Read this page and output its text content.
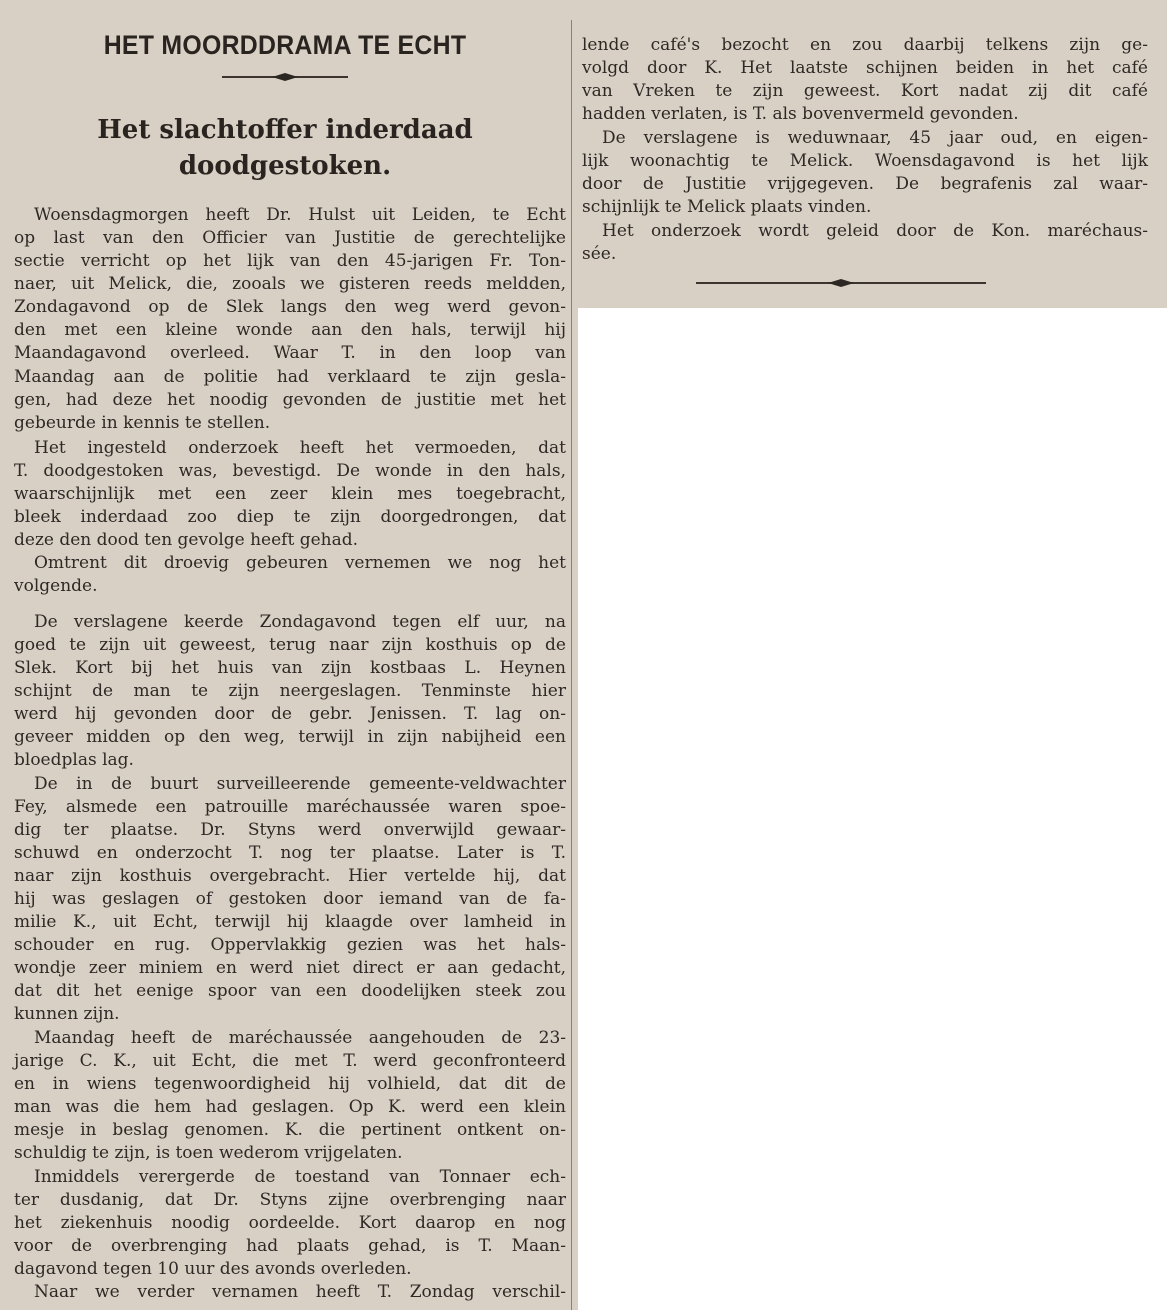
HET MOORDDRAMA TE ECHT
Het slachtoffer inderdaad
doodgestoken.
Woensdagmorgen heeft Dr. Hulst uit Leiden, te Echt
op last van den Officier van Justitie de gerechtelijke
sectie verricht op het lijk van den 45-jarigen Fr. Ton-
naer, uit Melick, die, zooals we gisteren reeds meldden,
Zondagavond op de Slek langs den weg werd gevon-
den met een kleine wonde aan den hals, terwijl hij
Maandagavond overleed. Waar T. in den loop van
Maandag aan de politie had verklaard te zijn gesla-
gen, had deze het noodig gevonden de justitie met het
gebeurde in kennis te stellen.
Het ingesteld onderzoek heeft het vermoeden, dat
T. doodgestoken was, bevestigd. De wonde in den hals,
waarschijnlijk met een zeer klein mes toegebracht,
bleek inderdaad zoo diep te zijn doorgedrongen, dat
deze den dood ten gevolge heeft gehad.
Omtrent dit droevig gebeuren vernemen we nog het
volgende.
De verslagene keerde Zondagavond tegen elf uur, na
goed te zijn uit geweest, terug naar zijn kosthuis op de
Slek. Kort bij het huis van zijn kostbaas L. Heynen
schijnt de man te zijn neergeslagen. Tenminste hier
werd hij gevonden door de gebr. Jenissen. T. lag on-
geveer midden op den weg, terwijl in zijn nabijheid een
bloedplas lag.
De in de buurt surveilleerende gemeente-veldwachter
Fey, alsmede een patrouille maréchaussée waren spoe-
dig ter plaatse. Dr. Styns werd onverwijld gewaar-
schuwd en onderzocht T. nog ter plaatse. Later is T.
naar zijn kosthuis overgebracht. Hier vertelde hij, dat
hij was geslagen of gestoken door iemand van de fa-
milie K., uit Echt, terwijl hij klaagde over lamheid in
schouder en rug. Oppervlakkig gezien was het hals-
wondje zeer miniem en werd niet direct er aan gedacht,
dat dit het eenige spoor van een doodelijken steek zou
kunnen zijn.
Maandag heeft de maréchaussée aangehouden de 23-
jarige C. K., uit Echt, die met T. werd geconfronteerd
en in wiens tegenwoordigheid hij volhield, dat dit de
man was die hem had geslagen. Op K. werd een klein
mesje in beslag genomen. K. die pertinent ontkent on-
schuldig te zijn, is toen wederom vrijgelaten.
Inmiddels verergerde de toestand van Tonnaer ech-
ter dusdanig, dat Dr. Styns zijne overbrenging naar
het ziekenhuis noodig oordeelde. Kort daarop en nog
voor de overbrenging had plaats gehad, is T. Maan-
dagavond tegen 10 uur des avonds overleden.
Naar we verder vernamen heeft T. Zondag verschil-
lende café's bezocht en zou daarbij telkens zijn ge-
volgd door K. Het laatste schijnen beiden in het café
van Vreken te zijn geweest. Kort nadat zij dit café
hadden verlaten, is T. als bovenvermeld gevonden.
De verslagene is weduwnaar, 45 jaar oud, en eigen-
lijk woonachtig te Melick. Woensdagavond is het lijk
door de Justitie vrijgegeven. De begrafenis zal waar-
schijnlijk te Melick plaats vinden.
Het onderzoek wordt geleid door de Kon. maréchaus-
sée.
